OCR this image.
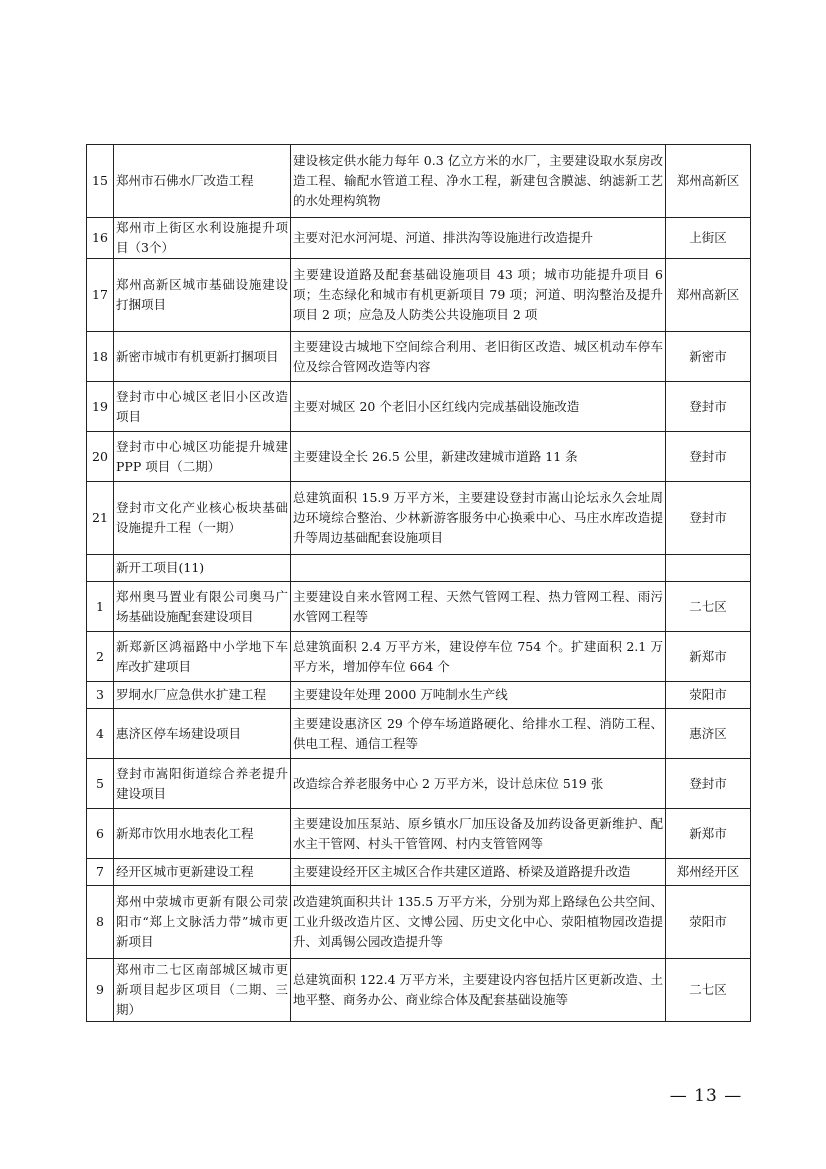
15	郑州市石佛水厂改造工程	建设核定供水能力每年 0.3 亿立方米的水厂，主要建设取水泵房改造工程、输配水管道工程、净水工程，新建包含膜滤、纳滤新工艺的水处理构筑物	郑州高新区
16	郑州市上街区水利设施提升项目（3个）	主要对汜水河河堤、河道、排洪沟等设施进行改造提升	上街区
17	郑州高新区城市基础设施建设打捆项目	主要建设道路及配套基础设施项目 43 项；城市功能提升项目 6 项；生态绿化和城市有机更新项目 79 项；河道、明沟整治及提升项目 2 项；应急及人防类公共设施项目 2 项	郑州高新区
18	新密市城市有机更新打捆项目	主要建设古城地下空间综合利用、老旧街区改造、城区机动车停车位及综合管网改造等内容	新密市
19	登封市中心城区老旧小区改造项目	主要对城区 20 个老旧小区红线内完成基础设施改造	登封市
20	登封市中心城区功能提升城建 PPP 项目（二期）	主要建设全长 26.5 公里，新建改建城市道路 11 条	登封市
21	登封市文化产业核心板块基础设施提升工程（一期）	总建筑面积 15.9 万平方米，主要建设登封市嵩山论坛永久会址周边环境综合整治、少林新游客服务中心换乘中心、马庄水库改造提升等周边基础配套设施项目	登封市
	新开工项目(11)		
1	郑州奥马置业有限公司奥马广场基础设施配套建设项目	主要建设自来水管网工程、天然气管网工程、热力管网工程、雨污水管网工程等	二七区
2	新郑新区鸿福路中小学地下车库改扩建项目	总建筑面积 2.4 万平方米，建设停车位 754 个。扩建面积 2.1 万平方米，增加停车位 664 个	新郑市
3	罗垌水厂应急供水扩建工程	主要建设年处理 2000 万吨制水生产线	荥阳市
4	惠济区停车场建设项目	主要建设惠济区 29 个停车场道路硬化、给排水工程、消防工程、供电工程、通信工程等	惠济区
5	登封市嵩阳街道综合养老提升建设项目	改造综合养老服务中心 2 万平方米，设计总床位 519 张	登封市
6	新郑市饮用水地表化工程	主要建设加压泵站、原乡镇水厂加压设备及加药设备更新维护、配水主干管网、村头干管管网、村内支管管网等	新郑市
7	经开区城市更新建设工程	主要建设经开区主城区合作共建区道路、桥梁及道路提升改造	郑州经开区
8	郑州中荥城市更新有限公司荥阳市“郑上文脉活力带”城市更新项目	改造建筑面积共计 135.5 万平方米，分别为郑上路绿色公共空间、工业升级改造片区、文博公园、历史文化中心、荥阳植物园改造提升、刘禹锡公园改造提升等	荥阳市
9	郑州市二七区南部城区城市更新项目起步区项目（二期、三期）	总建筑面积 122.4 万平方米，主要建设内容包括片区更新改造、土地平整、商务办公、商业综合体及配套基础设施等	二七区
— 13 —
